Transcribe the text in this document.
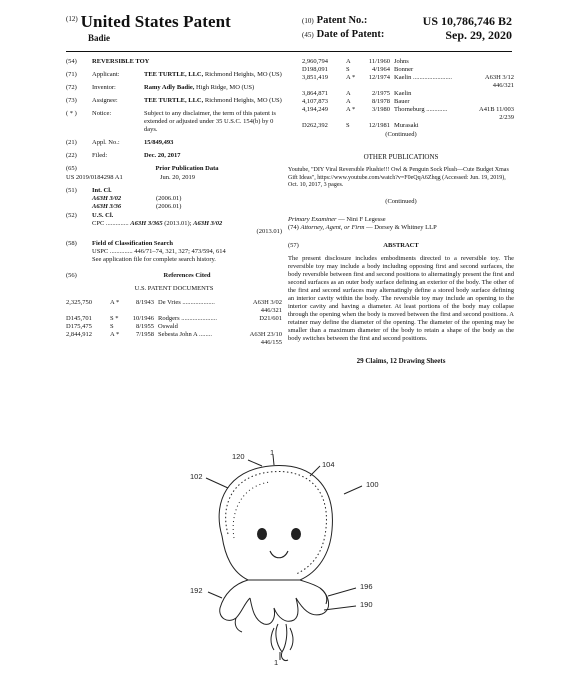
$^{(12)}$ United States Patent
Badie
(10) Patent No.:	US 10,786,746 B2
(45) Date of Patent:	Sep. 29, 2020
(54)	REVERSIBLE TOY
(71)	Applicant:	TEE TURTLE, LLC, Richmond Heights, MO (US)
(72)	Inventor:	Ramy Adly Badie, High Ridge, MO (US)
(73)	Assignee:	TEE TURTLE, LLC, Richmond Heights, MO (US)
( * )	Notice:	Subject to any disclaimer, the term of this patent is extended or adjusted under 35 U.S.C. 154(b) by 0 days.
(21)	Appl. No.:	15/849,493
(22)	Filed:	Dec. 20, 2017
(65)	Prior Publication Data
US 2019/0184298 A1	Jun. 20, 2019
(51)	Int. Cl.
A63H 3/02	(2006.01)
A63H 3/36	(2006.01)
(52)	U.S. Cl.
CPC .............. A63H 3/365 (2013.01); A63H 3/02
(2013.01)
(58)	Field of Classification Search
USPC .............. 446/71–74, 321, 327; 473/594, 614
See application file for complete search history.
(56)	References Cited
U.S. PATENT DOCUMENTS
2,325,750	A *	8/1943 De Vries ....................	A63H 3/02
446/321
D145,701	S *	10/1946 Rodgers ......................	D21/601
D175,475	S	8/1955 Oswald
2,844,912	A *	7/1958 Sebesta John A ........	A63H 23/10
446/155
2,960,794	A	11/1960 Johns
D198,091	S	4/1964 Bonner
3,851,419	A *	12/1974 Kaelin ........................	A63H 3/12
446/321
3,864,871	A	2/1975 Kaelin
4,107,873	A	8/1978 Bauer
4,194,249	A *	3/1980 Thorneburg .............	A41B 11/003
2/239
D262,392	S	12/1981 Murasaki
(Continued)
OTHER PUBLICATIONS
Youtube, "DIY Viral Reversible Plushie!!! Owl & Penguin Sock Plush—Cute Budget Xmas Gift Ideas", https://www.youtube.com/watch?v=F0eQqA6Zhqg (Accessed: Jun. 19, 2019), Oct. 10, 2017, 3 pages.
(Continued)
Primary Examiner — Nini F Legesse
(74) Attorney, Agent, or Firm — Dorsey & Whitney LLP
(57)	ABSTRACT
The present disclosure includes embodiments directed to a reversible toy. The reversible toy may include a body including opposing first and second surfaces, the body reversible between first and second positions to alternatingly present the first and second surfaces as an outer body surface defining an exterior of the body. The other of the first and second surfaces may alternatingly define a stored body surface defining an interior cavity within the body. The reversible toy may include an opening to the interior cavity and having a diameter. At least portions of the body may collapse through the opening when the body is moved between the first and second positions. A retainer may define the diameter of the opening. The diameter of the opening may be smaller than a maximum diameter of the body to retain a shape of the body as the body switches between the first and second positions.
29 Claims, 12 Drawing Sheets
120	1
104
102
100
192	196
190
1
